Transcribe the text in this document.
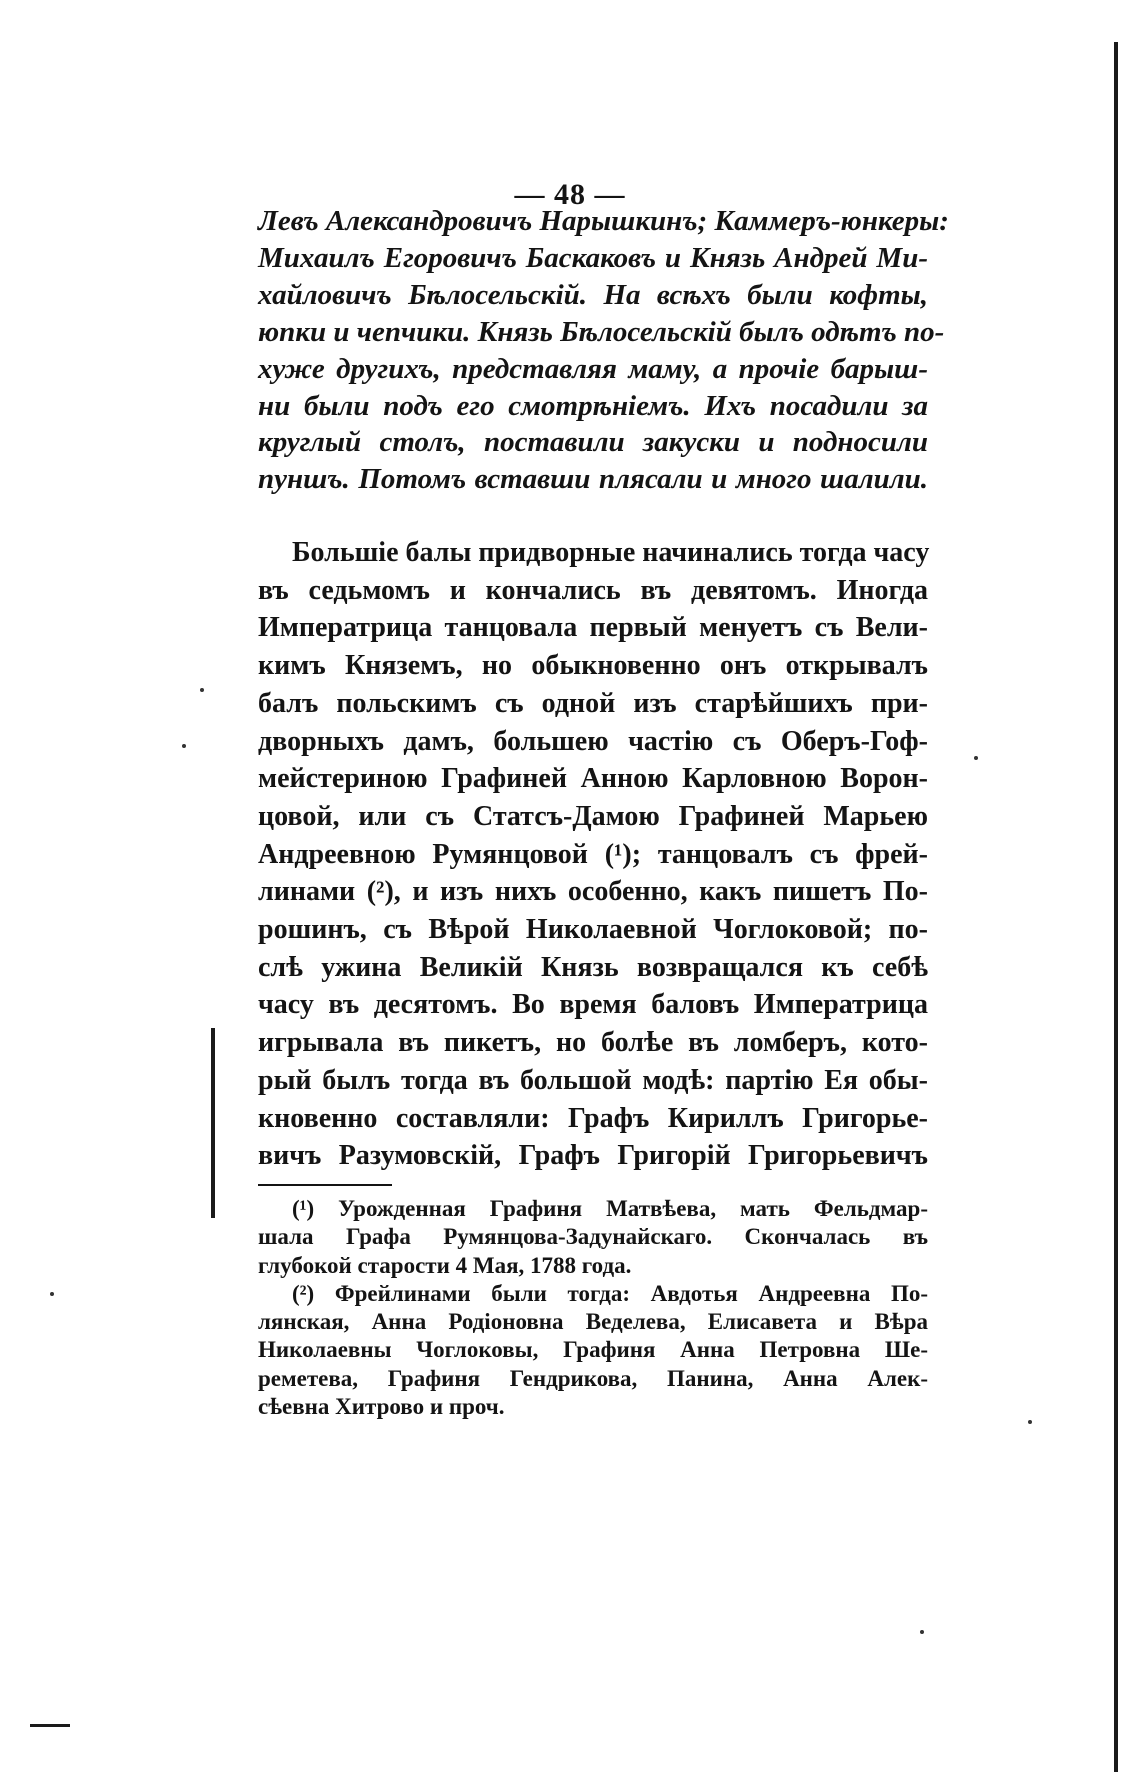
— 48 —
Левъ Александровичъ Нарышкинъ; Каммеръ-юнкеры:
Михаилъ Егоровичъ Баскаковъ и Князь Андрей Ми-
хайловичъ Бѣлосельскій. На всѣхъ были кофты,
юпки и чепчики. Князь Бѣлосельскій былъ одѣтъ по-
хуже другихъ, представляя маму, а прочіе барыш-
ни были подъ его смотрѣніемъ. Ихъ посадили за
круглый столъ, поставили закуски и подносили
пуншъ. Потомъ вставши плясали и много шалили.
Большіе балы придворные начинались тогда часу
въ седьмомъ и кончались въ девятомъ. Иногда
Императрица танцовала первый менуетъ съ Вели-
кимъ Княземъ, но обыкновенно онъ открывалъ
балъ польскимъ съ одной изъ старѣйшихъ при-
дворныхъ дамъ, большею частію съ Оберъ-Гоф-
мейстериною Графиней Анною Карловною Ворон-
цовой, или съ Статсъ-Дамою Графиней Марьею
Андреевною Румянцовой (¹); танцовалъ съ фрей-
линами (²), и изъ нихъ особенно, какъ пишетъ По-
рошинъ, съ Вѣрой Николаевной Чоглоковой; по-
слѣ ужина Великій Князь возвращался къ себѣ
часу въ десятомъ. Во время баловъ Императрица
игрывала въ пикетъ, но болѣе въ ломберъ, кото-
рый былъ тогда въ большой модѣ: партію Ея обы-
кновенно составляли: Графъ Кириллъ Григорье-
вичъ Разумовскій, Графъ Григорій Григорьевичъ
(¹) Урожденная Графиня Матвѣева, мать Фельдмар-
шала Графа Румянцова-Задунайскаго. Скончалась въ
глубокой старости 4 Мая, 1788 года.
(²) Фрейлинами были тогда: Авдотья Андреевна По-
лянская, Анна Родіоновна Веделева, Елисавета и Вѣра
Николаевны Чоглоковы, Графиня Анна Петровна Ше-
реметева, Графиня Гендрикова, Панина, Анна Алек-
сѣевна Хитрово и проч.
